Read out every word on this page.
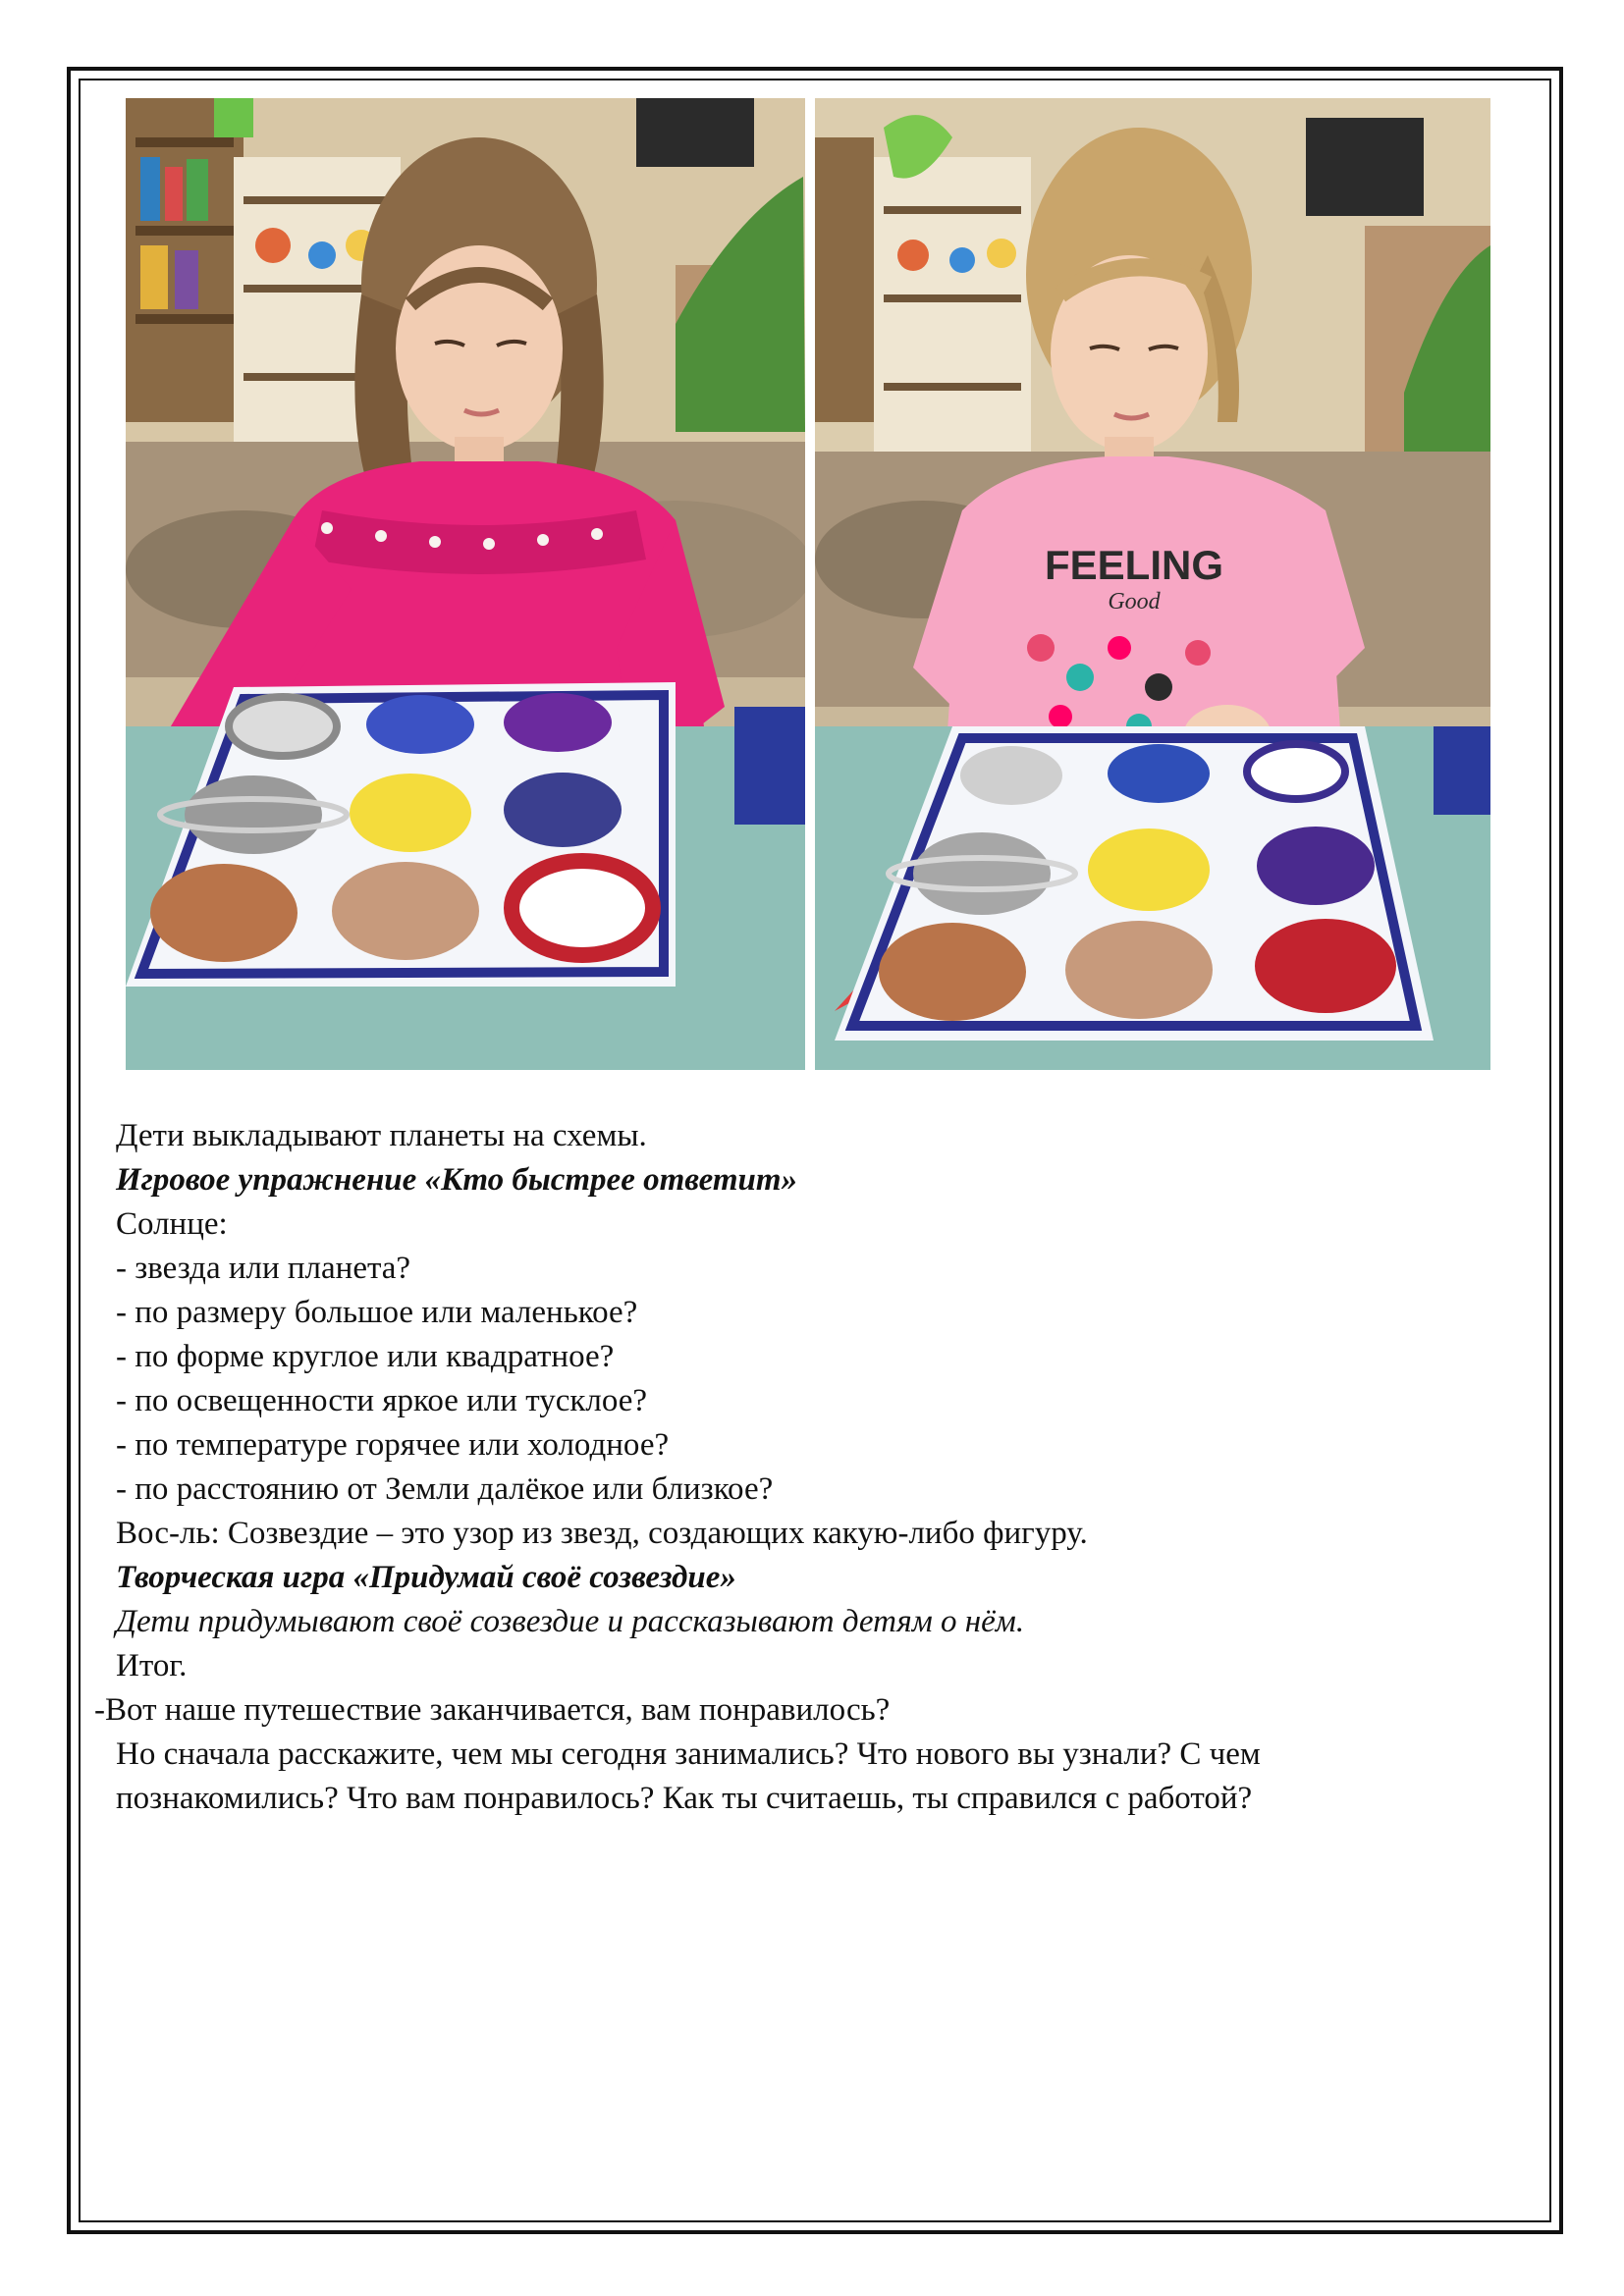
FEELING
Good
Дети выкладывают планеты на схемы.
Игровое упражнение «Кто быстрее ответит»
Солнце:
- звезда или планета?
- по размеру большое или маленькое?
- по форме круглое или квадратное?
- по освещенности яркое или тусклое?
- по температуре горячее или холодное?
- по расстоянию от Земли далёкое или близкое?
Вос-ль: Созвездие – это узор из звезд, создающих какую-либо фигуру.
Творческая игра «Придумай своё созвездие»
Дети придумывают своё созвездие и рассказывают детям о нём.
Итог.
-Вот наше путешествие заканчивается, вам понравилось?
Но сначала расскажите, чем мы сегодня занимались? Что нового вы узнали? С чем
познакомились? Что вам понравилось? Как ты считаешь, ты справился с работой?
